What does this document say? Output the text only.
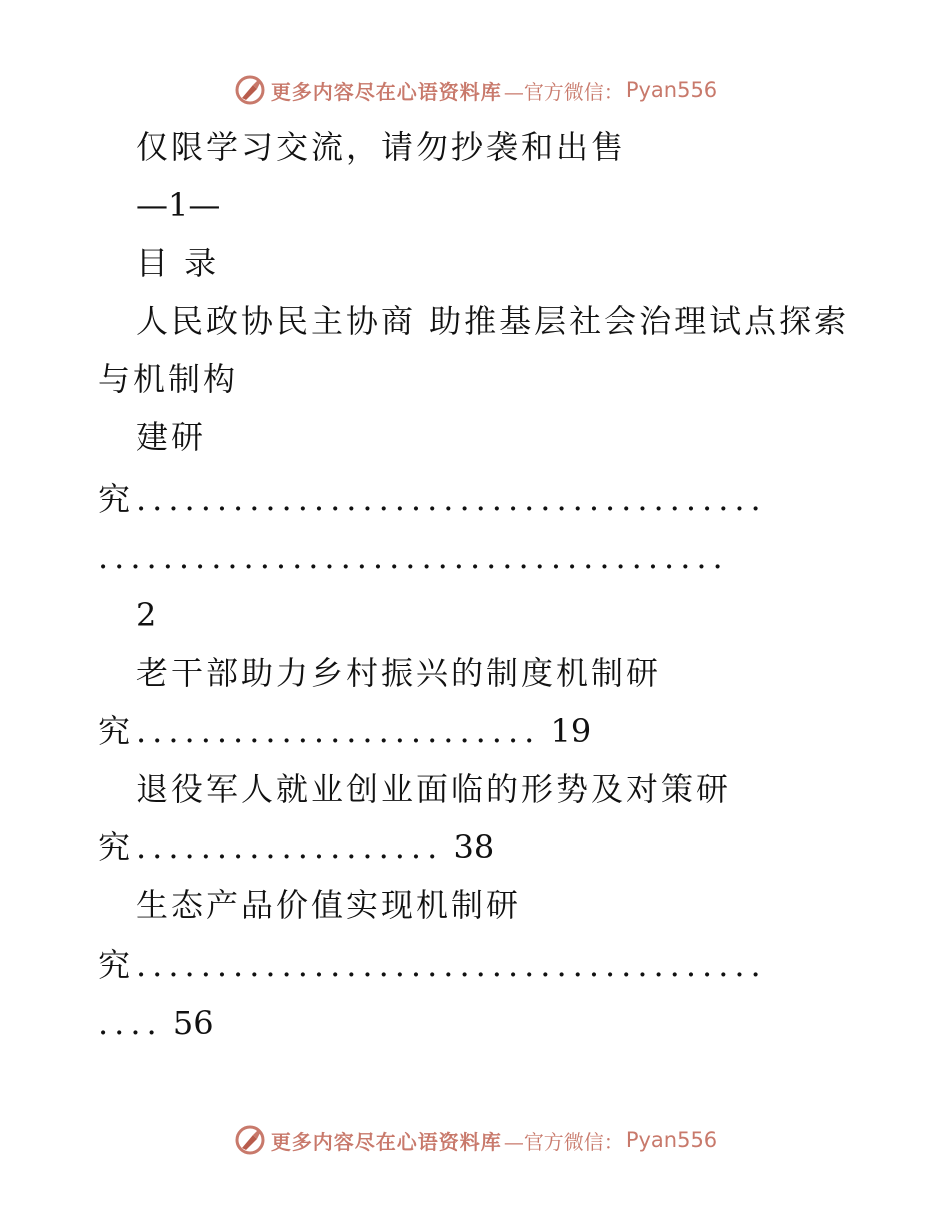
更多内容尽在心语资料库 —官方微信： Pyan556
仅限学习交流，请勿抄袭和出售
—1—
目 录
人民政协民主协商 助推基层社会治理试点探索
与机制构
建研
究.......................................
.......................................
2
老干部助力乡村振兴的制度机制研
究......................... 19
退役军人就业创业面临的形势及对策研
究................... 38
生态产品价值实现机制研
究.......................................
.... 56
更多内容尽在心语资料库 —官方微信： Pyan556
